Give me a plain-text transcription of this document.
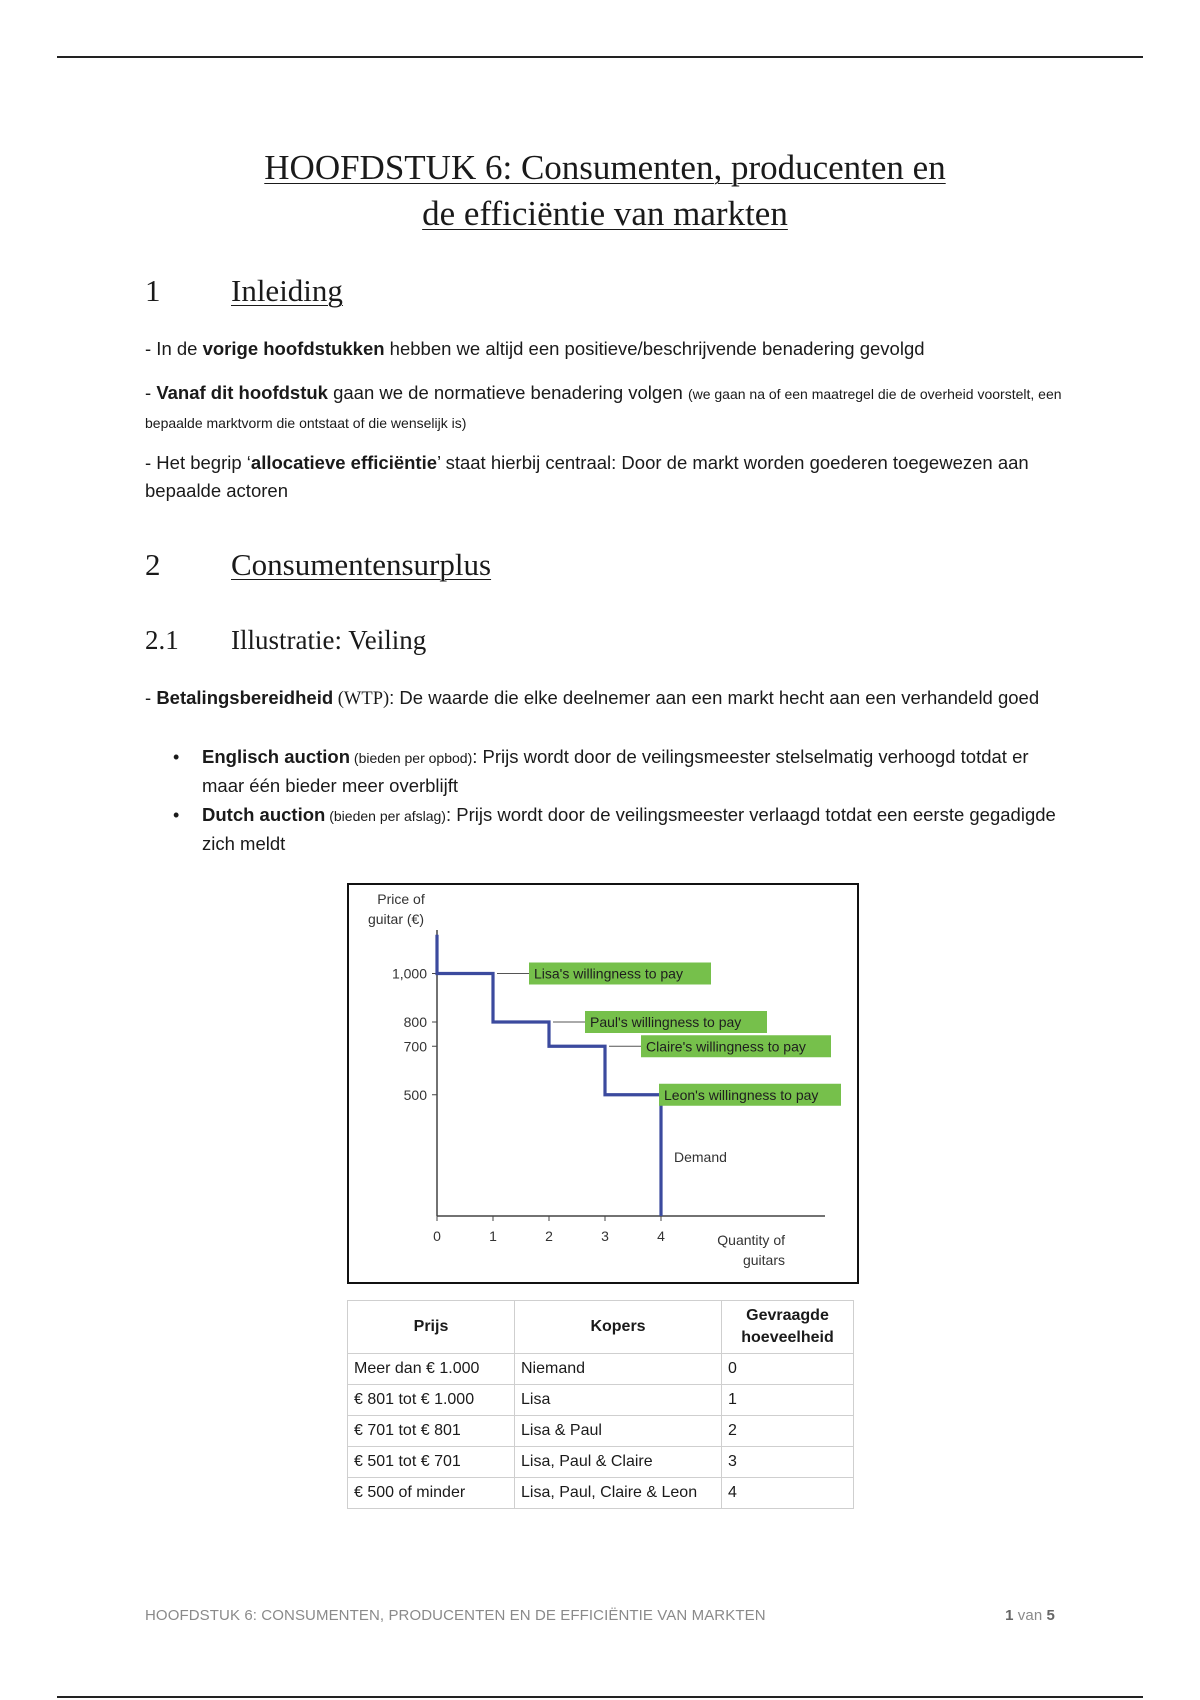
HOOFDSTUK 6: Consumenten, producenten en
de efficiëntie van markten
1 Inleiding
- In de vorige hoofdstukken hebben we altijd een positieve/beschrijvende benadering gevolgd
- Vanaf dit hoofdstuk gaan we de normatieve benadering volgen (we gaan na of een maatregel die de overheid voorstelt, een bepaalde marktvorm die ontstaat of die wenselijk is)
- Het begrip ‘allocatieve efficiëntie’ staat hierbij centraal: Door de markt worden goederen toegewezen aan bepaalde actoren
2 Consumentensurplus
2.1 Illustratie: Veiling
- Betalingsbereidheid (WTP): De waarde die elke deelnemer aan een markt hecht aan een verhandeld goed
• Englisch auction (bieden per opbod): Prijs wordt door de veilingsmeester stelselmatig verhoogd totdat er maar één bieder meer overblijft
• Dutch auction (bieden per afslag): Prijs wordt door de veilingsmeester verlaagd totdat een eerste gegadigde zich meldt
Price of
guitar (€)
Quantity of
guitars
1,000
800
700
500
0	1	2	3	4
Demand
Lisa's willingness to pay
Paul's willingness to pay
Claire's willingness to pay
Leon's willingness to pay
Prijs	Kopers	Gevraagde
hoeveelheid
Meer dan € 1.000	Niemand	0
€ 801 tot € 1.000	Lisa	1
€ 701 tot € 801	Lisa & Paul	2
€ 501 tot € 701	Lisa, Paul & Claire	3
€ 500 of minder	Lisa, Paul, Claire & Leon	4
HOOFDSTUK 6: CONSUMENTEN, PRODUCENTEN EN DE EFFICIËNTIE VAN MARKTEN	1 van 5
